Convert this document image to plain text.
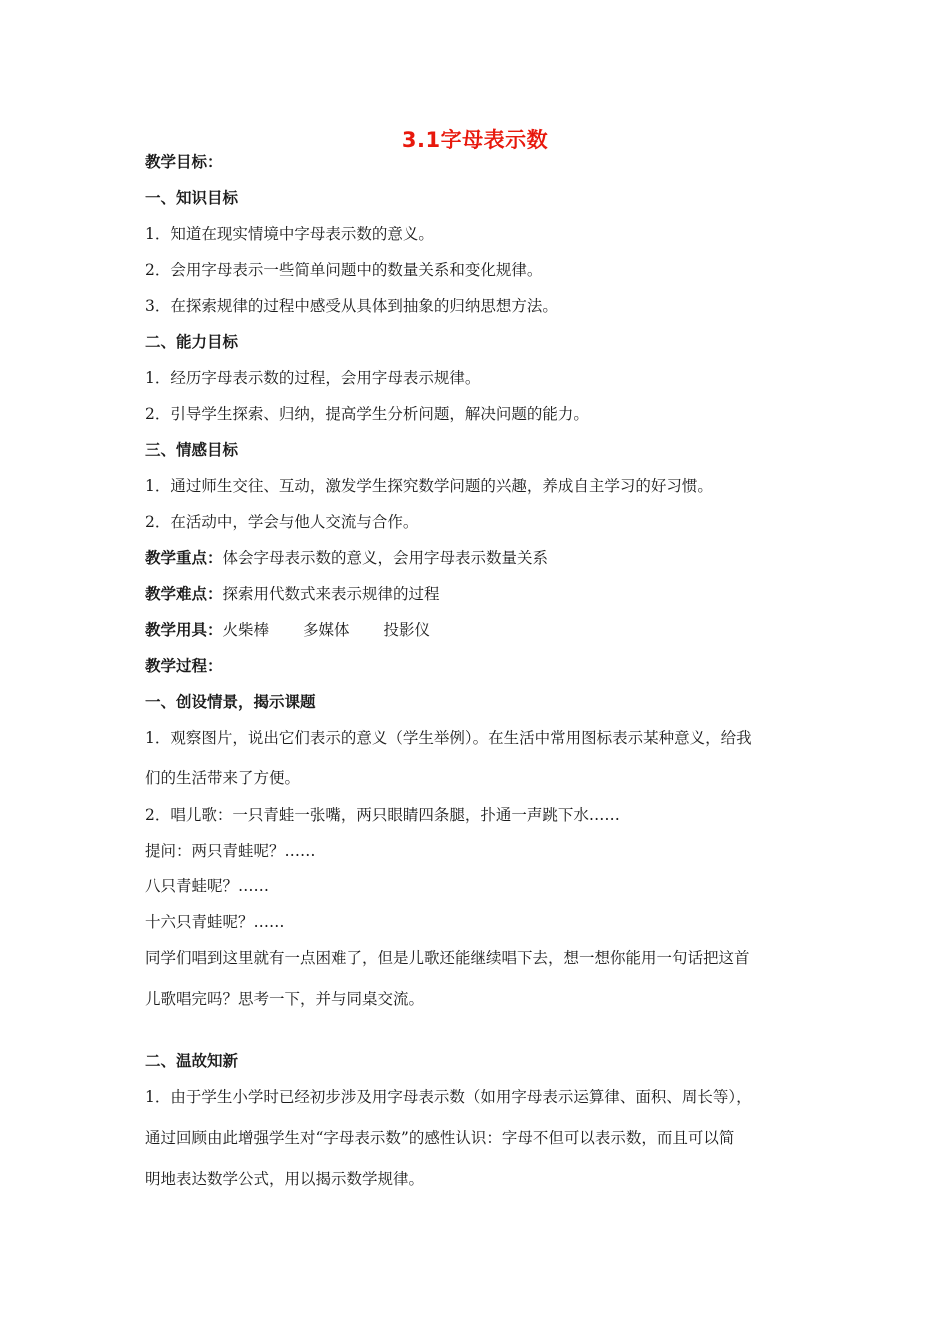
3.1字母表示数
教学目标：
一、知识目标
1．知道在现实情境中字母表示数的意义。
2．会用字母表示一些简单问题中的数量关系和变化规律。
3．在探索规律的过程中感受从具体到抽象的归纳思想方法。
二、能力目标
1．经历字母表示数的过程，会用字母表示规律。
2．引导学生探索、归纳，提高学生分析问题，解决问题的能力。
三、情感目标
1．通过师生交往、互动，激发学生探究数学问题的兴趣，养成自主学习的好习惯。
2．在活动中，学会与他人交流与合作。
教学重点：体会字母表示数的意义，会用字母表示数量关系
教学难点：探索用代数式来表示规律的过程
教学用具：火柴棒 多媒体 投影仪
教学过程：
一、创设情景，揭示课题
1．观察图片，说出它们表示的意义（学生举例）。在生活中常用图标表示某种意义，给我
们的生活带来了方便。
2．唱儿歌：一只青蛙一张嘴，两只眼睛四条腿，扑通一声跳下水……
提问：两只青蛙呢？……
八只青蛙呢？……
十六只青蛙呢？……
同学们唱到这里就有一点困难了，但是儿歌还能继续唱下去，想一想你能用一句话把这首
儿歌唱完吗？思考一下，并与同桌交流。
二、温故知新
1．由于学生小学时已经初步涉及用字母表示数（如用字母表示运算律、面积、周长等），
通过回顾由此增强学生对“字母表示数”的感性认识：字母不但可以表示数，而且可以简
明地表达数学公式，用以揭示数学规律。
